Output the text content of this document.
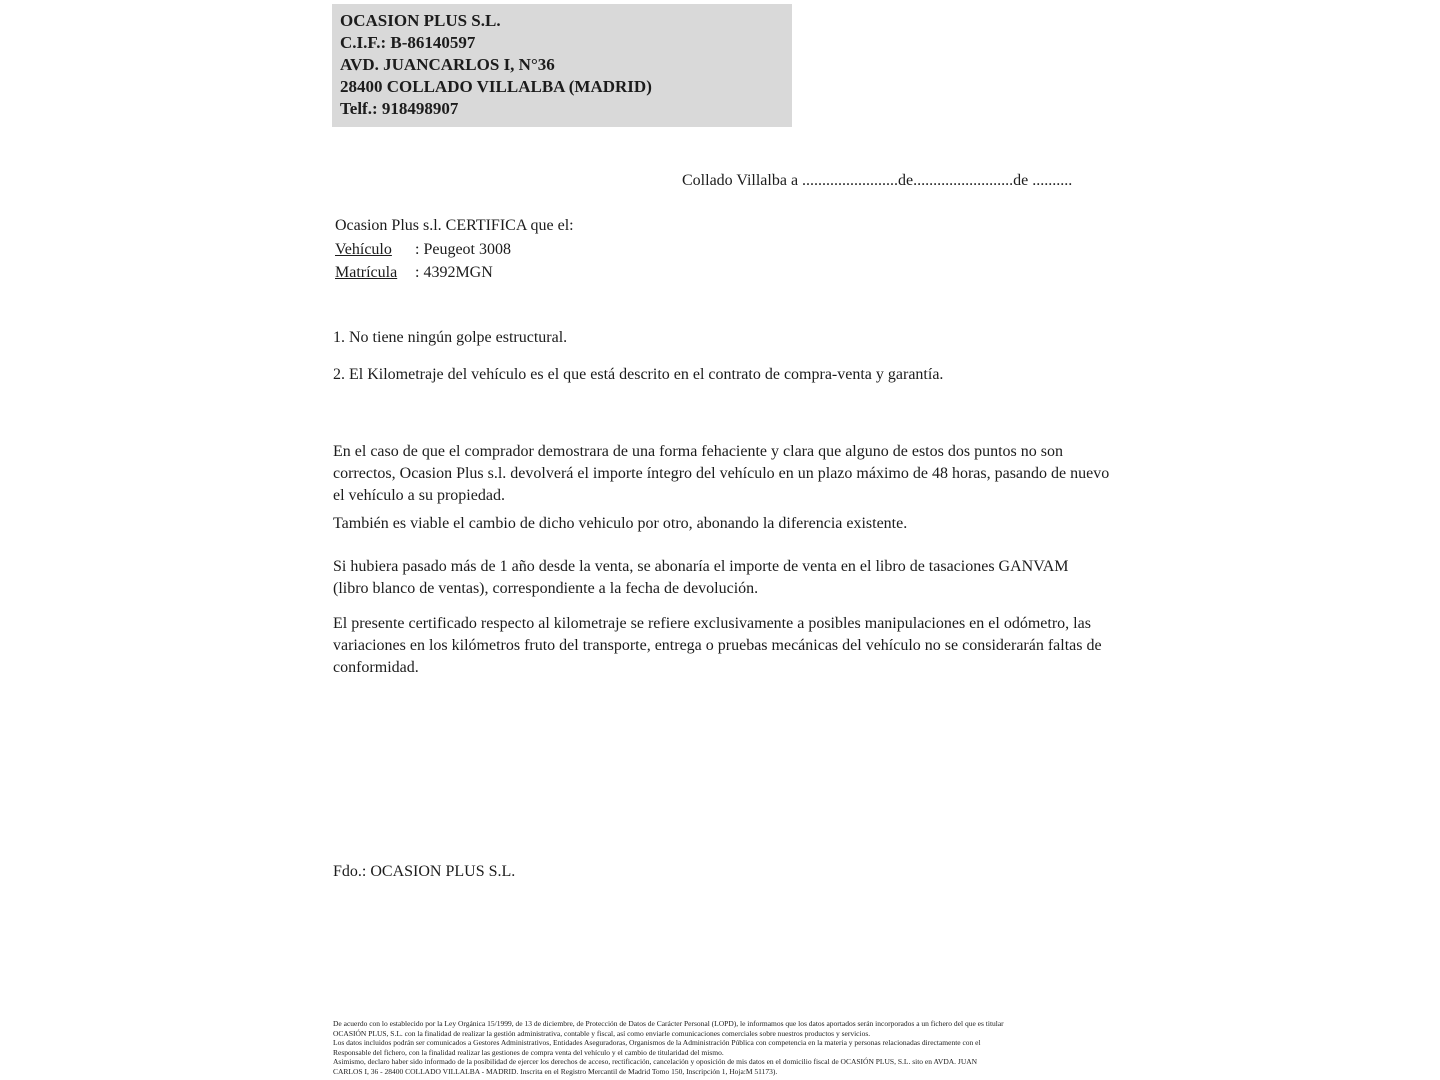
OCASION PLUS S.L.
C.I.F.: B-86140597
AVD. JUANCARLOS I, N°36
28400 COLLADO VILLALBA (MADRID)
Telf.: 918498907
Collado Villalba a ........................de.........................de ..........
Ocasion Plus s.l. CERTIFICA que el:
Vehículo : Peugeot 3008
Matrícula : 4392MGN
1. No tiene ningún golpe estructural.
2. El Kilometraje del vehículo es el que está descrito en el contrato de compra-venta y garantía.
En el caso de que el comprador demostrara de una forma fehaciente y clara que alguno de estos dos puntos no son correctos, Ocasion Plus s.l. devolverá el importe íntegro del vehículo en un plazo máximo de 48 horas, pasando de nuevo el vehículo a su propiedad.
También es viable el cambio de dicho vehiculo por otro, abonando la diferencia existente.
Si hubiera pasado más de 1 año desde la venta, se abonaría el importe de venta en el libro de tasaciones GANVAM (libro blanco de ventas), correspondiente a la fecha de devolución.
El presente certificado respecto al kilometraje se refiere exclusivamente a posibles manipulaciones en el odómetro, las variaciones en los kilómetros fruto del transporte, entrega o pruebas mecánicas del vehículo no se considerarán faltas de conformidad.
Fdo.: OCASION PLUS S.L.
De acuerdo con lo establecido por la Ley Orgánica 15/1999, de 13 de diciembre, de Protección de Datos de Carácter Personal (LOPD), le informamos que los datos aportados serán incorporados a un fichero del que es titular
OCASIÓN PLUS, S.L. con la finalidad de realizar la gestión administrativa, contable y fiscal, así como enviarle comunicaciones comerciales sobre nuestros productos y servicios.
Los datos incluidos podrán ser comunicados a Gestores Administrativos, Entidades Aseguradoras, Organismos de la Administración Pública con competencia en la materia y personas relacionadas directamente con el
Responsable del fichero, con la finalidad realizar las gestiones de compra venta del vehículo y el cambio de titularidad del mismo.
Asimismo, declaro haber sido informado de la posibilidad de ejercer los derechos de acceso, rectificación, cancelación y oposición de mis datos en el domicilio fiscal de OCASIÓN PLUS, S.L. sito en AVDA. JUAN
CARLOS I, 36 - 28400 COLLADO VILLALBA - MADRID. Inscrita en el Registro Mercantil de Madrid Tomo 150, Inscripción 1, Hoja:M 51173).
